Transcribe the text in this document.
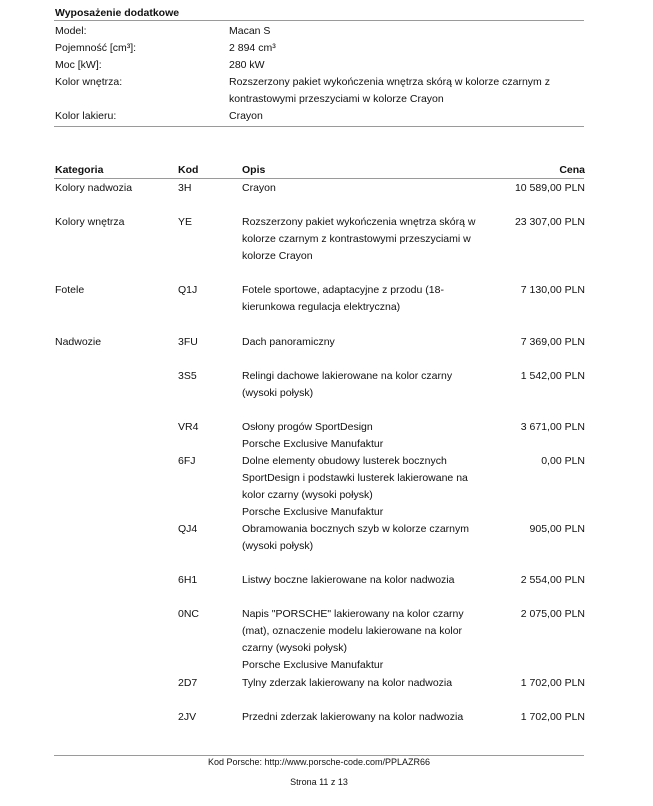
Wyposażenie dodatkowe
Model:	Macan S
Pojemność [cm³]:	2 894 cm³
Moc [kW]:	280 kW
Kolor wnętrza:	Rozszerzony pakiet wykończenia wnętrza skórą w kolorze czarnym z
kontrastowymi przeszyciami w kolorze Crayon
Kolor lakieru:	Crayon
Kategoria	Kod	Opis	Cena
Kolory nadwozia	3H	Crayon	10 589,00 PLN
Kolory wnętrza	YE	Rozszerzony pakiet wykończenia wnętrza skórą w
kolorze czarnym z kontrastowymi przeszyciami w
kolorze Crayon
23 307,00 PLN
Fotele	Q1J	Fotele sportowe, adaptacyjne z przodu (18-
kierunkowa regulacja elektryczna)
7 130,00 PLN
Nadwozie	3FU	Dach panoramiczny	7 369,00 PLN
3S5	Relingi dachowe lakierowane na kolor czarny
(wysoki połysk)
1 542,00 PLN
VR4	Osłony progów SportDesign
Porsche Exclusive Manufaktur
3 671,00 PLN
6FJ	Dolne elementy obudowy lusterek bocznych
SportDesign i podstawki lusterek lakierowane na
kolor czarny (wysoki połysk)
Porsche Exclusive Manufaktur
0,00 PLN
QJ4	Obramowania bocznych szyb w kolorze czarnym
(wysoki połysk)
905,00 PLN
6H1	Listwy boczne lakierowane na kolor nadwozia	2 554,00 PLN
0NC	Napis "PORSCHE" lakierowany na kolor czarny
(mat), oznaczenie modelu lakierowane na kolor
czarny (wysoki połysk)
Porsche Exclusive Manufaktur
2 075,00 PLN
2D7	Tylny zderzak lakierowany na kolor nadwozia	1 702,00 PLN
2JV	Przedni zderzak lakierowany na kolor nadwozia	1 702,00 PLN
Kod Porsche: http://www.porsche-code.com/PPLAZR66
Strona 11 z 13
